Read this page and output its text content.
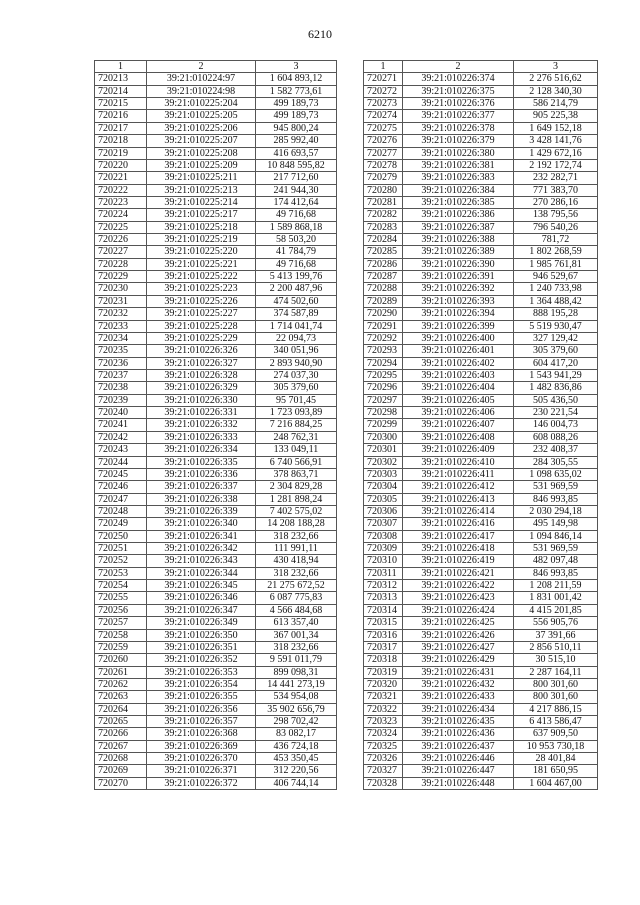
6210
1	2	3
720213	39:21:010224:97	1 604 893,12
720214	39:21:010224:98	1 582 773,61
720215	39:21:010225:204	499 189,73
720216	39:21:010225:205	499 189,73
720217	39:21:010225:206	945 800,24
720218	39:21:010225:207	285 992,40
720219	39:21:010225:208	416 693,57
720220	39:21:010225:209	10 848 595,82
720221	39:21:010225:211	217 712,60
720222	39:21:010225:213	241 944,30
720223	39:21:010225:214	174 412,64
720224	39:21:010225:217	49 716,68
720225	39:21:010225:218	1 589 868,18
720226	39:21:010225:219	58 503,20
720227	39:21:010225:220	41 784,79
720228	39:21:010225:221	49 716,68
720229	39:21:010225:222	5 413 199,76
720230	39:21:010225:223	2 200 487,96
720231	39:21:010225:226	474 502,60
720232	39:21:010225:227	374 587,89
720233	39:21:010225:228	1 714 041,74
720234	39:21:010225:229	22 094,73
720235	39:21:010226:326	340 051,96
720236	39:21:010226:327	2 893 940,90
720237	39:21:010226:328	274 037,30
720238	39:21:010226:329	305 379,60
720239	39:21:010226:330	95 701,45
720240	39:21:010226:331	1 723 093,89
720241	39:21:010226:332	7 216 884,25
720242	39:21:010226:333	248 762,31
720243	39:21:010226:334	133 049,11
720244	39:21:010226:335	6 740 566,91
720245	39:21:010226:336	378 863,71
720246	39:21:010226:337	2 304 829,28
720247	39:21:010226:338	1 281 898,24
720248	39:21:010226:339	7 402 575,02
720249	39:21:010226:340	14 208 188,28
720250	39:21:010226:341	318 232,66
720251	39:21:010226:342	111 991,11
720252	39:21:010226:343	430 418,94
720253	39:21:010226:344	318 232,66
720254	39:21:010226:345	21 275 672,52
720255	39:21:010226:346	6 087 775,83
720256	39:21:010226:347	4 566 484,68
720257	39:21:010226:349	613 357,40
720258	39:21:010226:350	367 001,34
720259	39:21:010226:351	318 232,66
720260	39:21:010226:352	9 591 011,79
720261	39:21:010226:353	899 098,31
720262	39:21:010226:354	14 441 273,19
720263	39:21:010226:355	534 954,08
720264	39:21:010226:356	35 902 656,79
720265	39:21:010226:357	298 702,42
720266	39:21:010226:368	83 082,17
720267	39:21:010226:369	436 724,18
720268	39:21:010226:370	453 350,45
720269	39:21:010226:371	312 220,56
720270	39:21:010226:372	406 744,14
1	2	3
720271	39:21:010226:374	2 276 516,62
720272	39:21:010226:375	2 128 340,30
720273	39:21:010226:376	586 214,79
720274	39:21:010226:377	905 225,38
720275	39:21:010226:378	1 649 152,18
720276	39:21:010226:379	3 428 141,76
720277	39:21:010226:380	1 429 672,16
720278	39:21:010226:381	2 192 172,74
720279	39:21:010226:383	232 282,71
720280	39:21:010226:384	771 383,70
720281	39:21:010226:385	270 286,16
720282	39:21:010226:386	138 795,56
720283	39:21:010226:387	796 540,26
720284	39:21:010226:388	781,72
720285	39:21:010226:389	1 802 268,59
720286	39:21:010226:390	1 985 761,81
720287	39:21:010226:391	946 529,67
720288	39:21:010226:392	1 240 733,98
720289	39:21:010226:393	1 364 488,42
720290	39:21:010226:394	888 195,28
720291	39:21:010226:399	5 519 930,47
720292	39:21:010226:400	327 129,42
720293	39:21:010226:401	305 379,60
720294	39:21:010226:402	604 417,20
720295	39:21:010226:403	1 543 941,29
720296	39:21:010226:404	1 482 836,86
720297	39:21:010226:405	505 436,50
720298	39:21:010226:406	230 221,54
720299	39:21:010226:407	146 004,73
720300	39:21:010226:408	608 088,26
720301	39:21:010226:409	232 408,37
720302	39:21:010226:410	284 305,55
720303	39:21:010226:411	1 098 635,02
720304	39:21:010226:412	531 969,59
720305	39:21:010226:413	846 993,85
720306	39:21:010226:414	2 030 294,18
720307	39:21:010226:416	495 149,98
720308	39:21:010226:417	1 094 846,14
720309	39:21:010226:418	531 969,59
720310	39:21:010226:419	482 097,48
720311	39:21:010226:421	846 993,85
720312	39:21:010226:422	1 208 211,59
720313	39:21:010226:423	1 831 001,42
720314	39:21:010226:424	4 415 201,85
720315	39:21:010226:425	556 905,76
720316	39:21:010226:426	37 391,66
720317	39:21:010226:427	2 856 510,11
720318	39:21:010226:429	30 515,10
720319	39:21:010226:431	2 287 164,11
720320	39:21:010226:432	800 301,60
720321	39:21:010226:433	800 301,60
720322	39:21:010226:434	4 217 886,15
720323	39:21:010226:435	6 413 586,47
720324	39:21:010226:436	637 909,50
720325	39:21:010226:437	10 953 730,18
720326	39:21:010226:446	28 401,84
720327	39:21:010226:447	181 650,95
720328	39:21:010226:448	1 604 467,00
